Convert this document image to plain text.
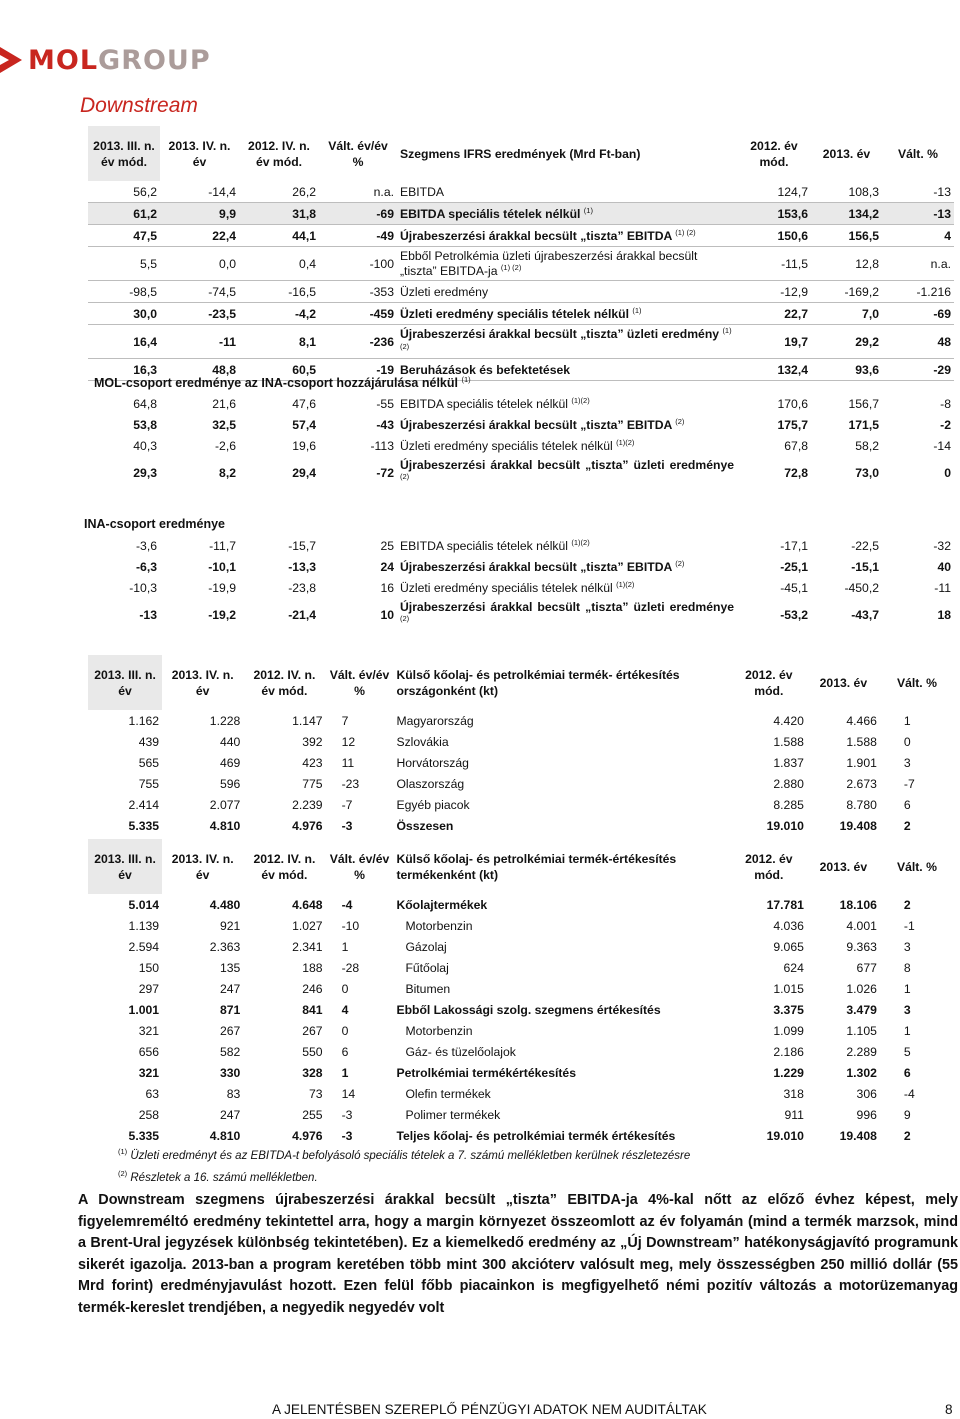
MOLGROUP
Downstream
2013. III. n. év mód.	2013. IV. n. év	2012. IV. n. év mód.	Vált. év/év %	Szegmens IFRS eredmények (Mrd Ft-ban)	2012. év mód.	2013. év	Vált. %
56,2	-14,4	26,2	n.a.	EBITDA	124,7	108,3	-13
61,2	9,9	31,8	-69	EBITDA speciális tételek nélkül $^{(1)}$	153,6	134,2	-13
47,5	22,4	44,1	-49	Újrabeszerzési árakkal becsült „tiszta” EBITDA $^{(1) (2)}$	150,6	156,5	4
5,5	0,0	0,4	-100	Ebből Petrolkémia üzleti újrabeszerzési árakkal becsült „tiszta” EBITDA-ja $^{(1) (2)}$	-11,5	12,8	n.a.
-98,5	-74,5	-16,5	-353	Üzleti eredmény	-12,9	-169,2	-1.216
30,0	-23,5	-4,2	-459	Üzleti eredmény speciális tételek nélkül $^{(1)}$	22,7	7,0	-69
16,4	-11	8,1	-236	Újrabeszerzési árakkal becsült „tiszta” üzleti eredmény $^{(1)(2)}$	19,7	29,2	48
16,3	48,8	60,5	-19	Beruházások és befektetések	132,4	93,6	-29
MOL-csoport eredménye az INA-csoport hozzájárulása nélkül $^{(1)}$
64,8	21,6	47,6	-55	EBITDA speciális tételek nélkül $^{(1)(2)}$	170,6	156,7	-8
53,8	32,5	57,4	-43	Újrabeszerzési árakkal becsült „tiszta” EBITDA $^{(2)}$	175,7	171,5	-2
40,3	-2,6	19,6	-113	Üzleti eredmény speciális tételek nélkül $^{(1)(2)}$	67,8	58,2	-14
29,3	8,2	29,4	-72	Újrabeszerzési árakkal becsült „tiszta” üzleti eredménye $^{(2)}$	72,8	73,0	0
INA-csoport eredménye
-3,6	-11,7	-15,7	25	EBITDA speciális tételek nélkül $^{(1)(2)}$	-17,1	-22,5	-32
-6,3	-10,1	-13,3	24	Újrabeszerzési árakkal becsült „tiszta” EBITDA $^{(2)}$	-25,1	-15,1	40
-10,3	-19,9	-23,8	16	Üzleti eredmény speciális tételek nélkül $^{(1)(2)}$	-45,1	-450,2	-11
-13	-19,2	-21,4	10	Újrabeszerzési árakkal becsült „tiszta” üzleti eredménye $^{(2)}$	-53,2	-43,7	18
2013. III. n. év	2013. IV. n. év	2012. IV. n. év mód.	Vált. év/év %	Külső kőolaj- és petrolkémiai termék- értékesítés országonként (kt)	2012. év mód.	2013. év	Vált. %
1.162	1.228	1.147	7	Magyarország	4.420	4.466	1
439	440	392	12	Szlovákia	1.588	1.588	0
565	469	423	11	Horvátország	1.837	1.901	3
755	596	775	-23	Olaszország	2.880	2.673	-7
2.414	2.077	2.239	-7	Egyéb piacok	8.285	8.780	6
5.335	4.810	4.976	-3	Összesen	19.010	19.408	2
2013. III. n. év	2013. IV. n. év	2012. IV. n. év mód.	Vált. év/év %	Külső kőolaj- és petrolkémiai termék-értékesítés termékenként (kt)	2012. év mód.	2013. év	Vált. %
5.014	4.480	4.648	-4	Kőolajtermékek	17.781	18.106	2
1.139	921	1.027	-10	Motorbenzin	4.036	4.001	-1
2.594	2.363	2.341	1	Gázolaj	9.065	9.363	3
150	135	188	-28	Fűtőolaj	624	677	8
297	247	246	0	Bitumen	1.015	1.026	1
1.001	871	841	4	Ebből Lakossági szolg. szegmens értékesítés	3.375	3.479	3
321	267	267	0	Motorbenzin	1.099	1.105	1
656	582	550	6	Gáz- és tüzelőolajok	2.186	2.289	5
321	330	328	1	Petrolkémiai termékértékesítés	1.229	1.302	6
63	83	73	14	Olefin termékek	318	306	-4
258	247	255	-3	Polimer termékek	911	996	9
5.335	4.810	4.976	-3	Teljes kőolaj- és petrolkémiai termék értékesítés	19.010	19.408	2
$^{(1)}$ Üzleti eredményt és az EBITDA-t befolyásoló speciális tételek a 7. számú mellékletben kerülnek részletezésre
$^{(2)}$ Részletek a 16. számú mellékletben.
A Downstream szegmens újrabeszerzési árakkal becsült „tiszta” EBITDA-ja 4%-kal nőtt az előző évhez képest, mely figyelemreméltó eredmény tekintettel arra, hogy a margin környezet összeomlott az év folyamán (mind a termék marzsok, mind a Brent-Ural jegyzések különbség tekintetében). Ez a kiemelkedő eredmény az „Új Downstream” hatékonyságjavító programunk sikerét igazolja. 2013-ban a program keretében több mint 300 akcióterv valósult meg, mely összességben 250 millió dollár (55 Mrd forint) eredményjavulást hozott. Ezen felül főbb piacainkon is megfigyelhető némi pozitív változás a motorüzemanyag termék-kereslet trendjében, a negyedik negyedév volt
A JELENTÉSBEN SZEREPLŐ PÉNZÜGYI ADATOK NEM AUDITÁLTAK	8
